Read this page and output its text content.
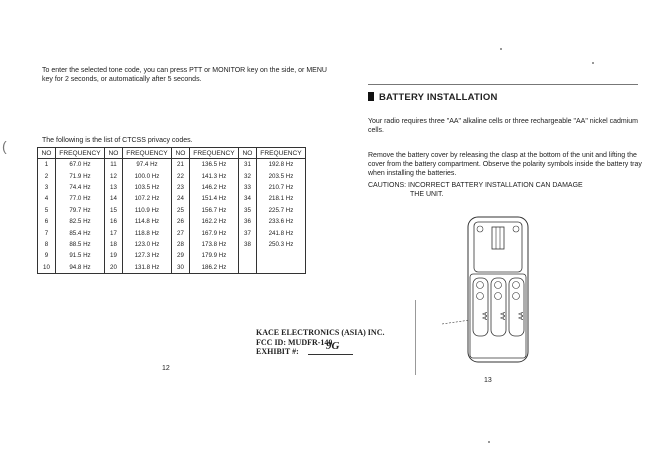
To enter the selected tone code, you can press PTT or MONITOR key on the side, or MENU key for 2 seconds, or automatically after 5 seconds.
The following is the list of CTCSS privacy codes.
NO	FREQUENCY	NO	FREQUENCY	NO	FREQUENCY	NO	FREQUENCY
1	67.0 Hz	11	97.4 Hz	21	136.5 Hz	31	192.8 Hz
2	71.9 Hz	12	100.0 Hz	22	141.3 Hz	32	203.5 Hz
3	74.4 Hz	13	103.5 Hz	23	146.2 Hz	33	210.7 Hz
4	77.0 Hz	14	107.2 Hz	24	151.4 Hz	34	218.1 Hz
5	79.7 Hz	15	110.9 Hz	25	156.7 Hz	35	225.7 Hz
6	82.5 Hz	16	114.8 Hz	26	162.2 Hz	36	233.6 Hz
7	85.4 Hz	17	118.8 Hz	27	167.9 Hz	37	241.8 Hz
8	88.5 Hz	18	123.0 Hz	28	173.8 Hz	38	250.3 Hz
9	91.5 Hz	19	127.3 Hz	29	179.9 Hz		
10	94.8 Hz	20	131.8 Hz	30	186.2 Hz		
12
(
KACE ELECTRONICS (ASIA) INC.
FCC ID: MUDFR-140
EXHIBIT #:	9G
BATTERY INSTALLATION
Your radio requires three "AA" alkaline cells or three rechargeable "AA" nickel cadmium cells.
Remove the battery cover by releasing the clasp at the bottom of the unit and lifting the cover from the battery compartment. Observe the polarity symbols inside the battery tray when installing the batteries.
CAUTIONS: INCORRECT BATTERY INSTALLATION CAN DAMAGE
THE UNIT.
AA AA AA
13
